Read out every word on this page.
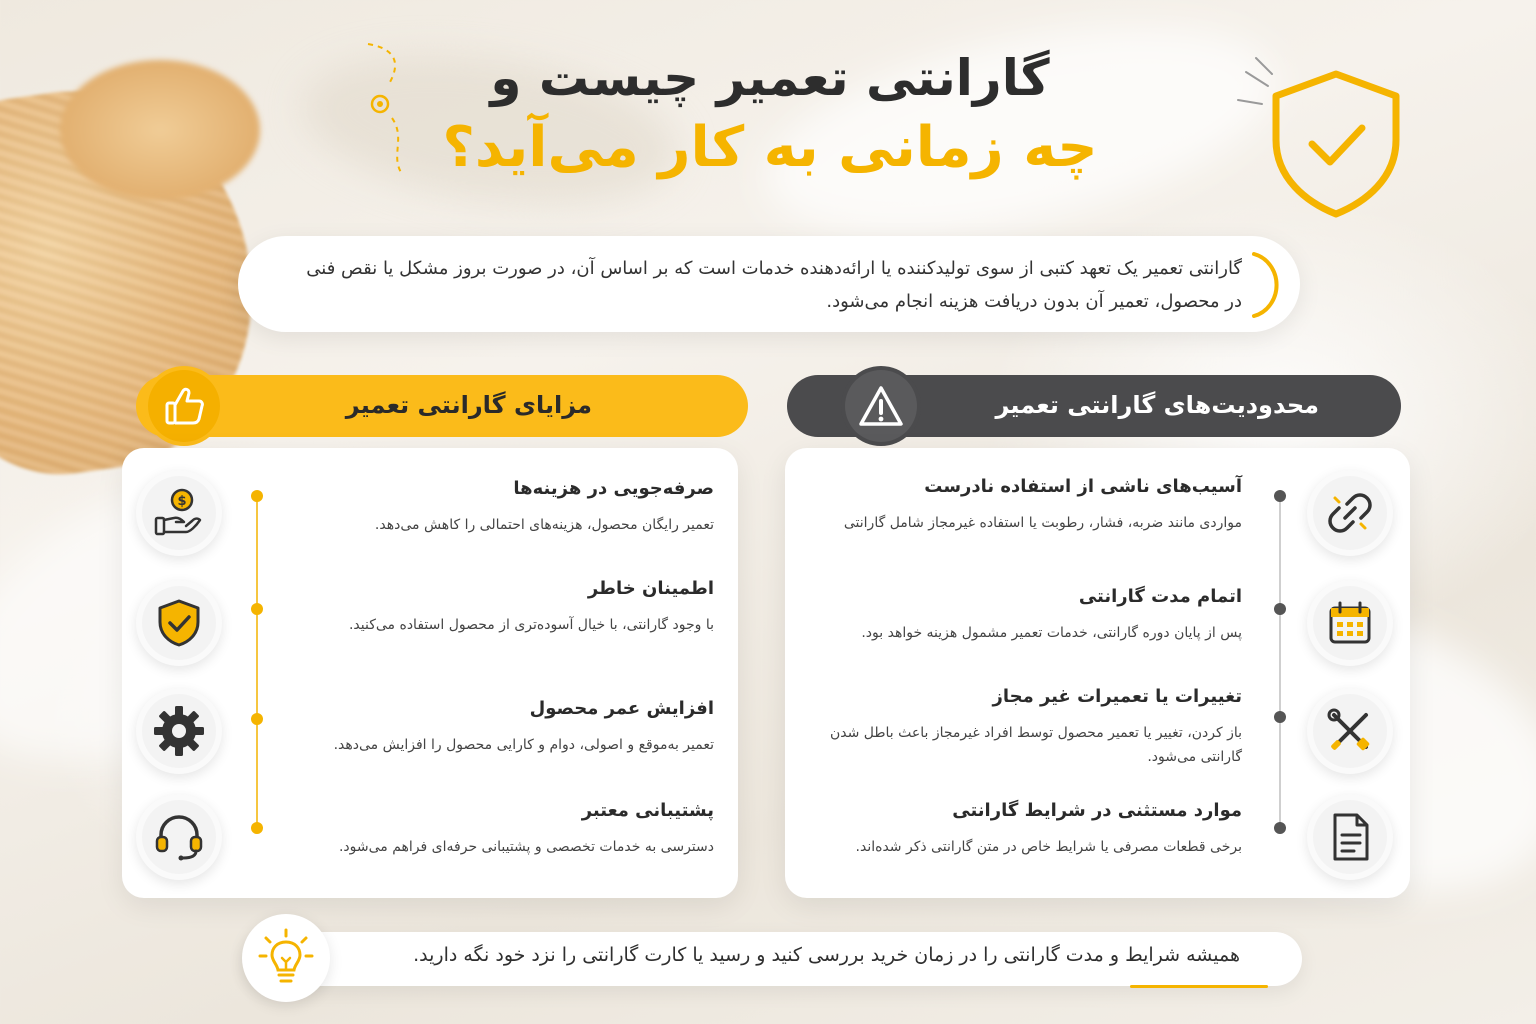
گارانتی تعمیر چیست و
چه زمانی به کار می‌آید؟
گارانتی تعمیر یک تعهد کتبی از سوی تولیدکننده یا ارائه‌دهنده خدمات است که بر اساس آن، در صورت بروز مشکل یا نقص فنی در محصول، تعمیر آن بدون دریافت هزینه انجام می‌شود.
محدودیت‌های گارانتی تعمیر
مزایای گارانتی تعمیر
آسیب‌های ناشی از استفاده نادرست
مواردی مانند ضربه، فشار، رطوبت یا استفاده غیرمجاز شامل گارانتی
اتمام مدت گارانتی
پس از پایان دوره گارانتی، خدمات تعمیر مشمول هزینه خواهد بود.
تغییرات یا تعمیرات غیر مجاز
باز کردن، تغییر یا تعمیر محصول توسط افراد غیرمجاز باعث باطل شدن گارانتی می‌شود.
موارد مستثنی در شرایط گارانتی
برخی قطعات مصرفی یا شرایط خاص در متن گارانتی ذکر شده‌اند.
صرفه‌جویی در هزینه‌ها
تعمیر رایگان محصول، هزینه‌های احتمالی را کاهش می‌دهد.
$
اطمینان خاطر
با وجود گارانتی، با خیال آسوده‌تری از محصول استفاده می‌کنید.
افزایش عمر محصول
تعمیر به‌موقع و اصولی، دوام و کارایی محصول را افزایش می‌دهد.
پشتیبانی معتبر
دسترسی به خدمات تخصصی و پشتیبانی حرفه‌ای فراهم می‌شود.
همیشه شرایط و مدت گارانتی را در زمان خرید بررسی کنید و رسید یا کارت گارانتی را نزد خود نگه دارید.
